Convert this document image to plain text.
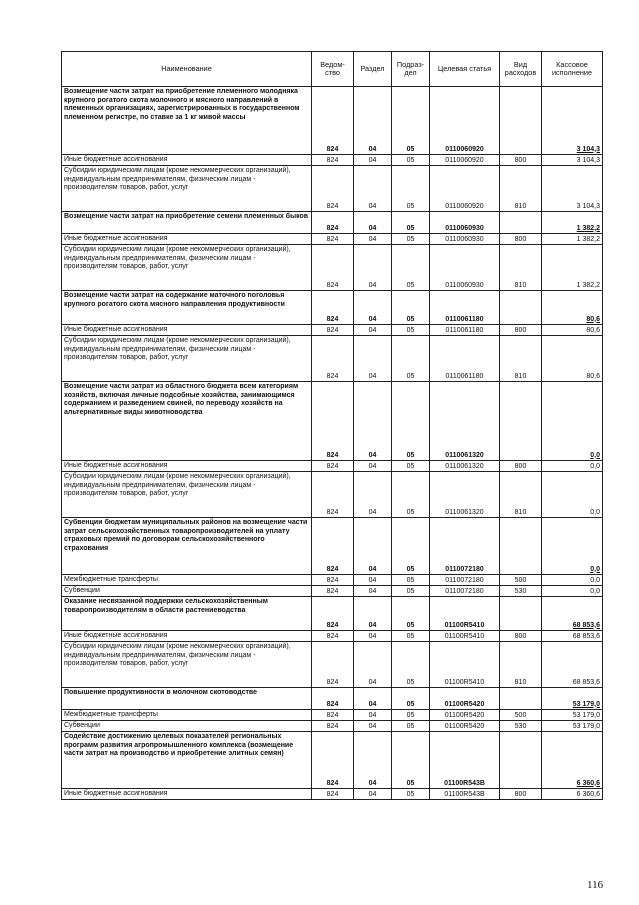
Наименование	Ведом-ство	Раздел	Подраз-дел	Целевая статья	Вид расходов	Кассовое исполнение
Возмещение части затрат на приобретение племенного молодняка крупного рогатого скота молочного и мясного направлений в племенных организациях, зарегистрированных в государственном племенном регистре, по ставке за 1 кг живой массы	824	04	05	0110060920		3 104,3
Иные бюджетные ассигнования	824	04	05	0110060920	800	3 104,3
Субсидии юридическим лицам (кроме некоммерческих организаций), индивидуальным предпринимателям, физическим лицам - производителям товаров, работ, услуг	824	04	05	0110060920	810	3 104,3
Возмещение части затрат на приобретение семени племенных быков	824	04	05	0110060930		1 382,2
Иные бюджетные ассигнования	824	04	05	0110060930	800	1 382,2
Субсидии юридическим лицам (кроме некоммерческих организаций), индивидуальным предпринимателям, физическим лицам - производителям товаров, работ, услуг	824	04	05	0110060930	810	1 382,2
Возмещение части затрат на содержание маточного поголовья крупного рогатого скота мясного направления продуктивности	824	04	05	0110061180		80,6
Иные бюджетные ассигнования	824	04	05	0110061180	800	80,6
Субсидии юридическим лицам (кроме некоммерческих организаций), индивидуальным предпринимателям, физическим лицам - производителям товаров, работ, услуг	824	04	05	0110061180	810	80,6
Возмещение части затрат из областного бюджета всем категориям хозяйств, включая личные подсобные хозяйства, занимающимся содержанием и разведением свиней, по переводу хозяйств на альтернативные виды животноводства	824	04	05	0110061320		0,0
Иные бюджетные ассигнования	824	04	05	0110061320	800	0,0
Субсидии юридическим лицам (кроме некоммерческих организаций), индивидуальным предпринимателям, физическим лицам - производителям товаров, работ, услуг	824	04	05	0110061320	810	0,0
Субвенции бюджетам муниципальных районов на возмещение части затрат сельскохозяйственных товаропроизводителей на уплату страховых премий по договорам сельскохозяйственного страхования	824	04	05	0110072180		0,0
Межбюджетные трансферты	824	04	05	0110072180	500	0,0
Субвенции	824	04	05	0110072180	530	0,0
Оказание несвязанной поддержки сельскохозяйственным товаропроизводителям в области растениеводства	824	04	05	01100R5410		68 853,6
Иные бюджетные ассигнования	824	04	05	01100R5410	800	68 853,6
Субсидии юридическим лицам (кроме некоммерческих организаций), индивидуальным предпринимателям, физическим лицам - производителям товаров, работ, услуг	824	04	05	01100R5410	810	68 853,6
Повышение продуктивности в молочном скотоводстве	824	04	05	01100R5420		53 179,0
Межбюджетные трансферты	824	04	05	01100R5420	500	53 179,0
Субвенции	824	04	05	01100R5420	530	53 179,0
Содействие достижению целевых показателей региональных программ развития агропромышленного комплекса (возмещение части затрат на производство и приобретение элитных семян)	824	04	05	01100R543B		6 360,6
Иные бюджетные ассигнования	824	04	05	01100R543B	800	6 360,6
116
